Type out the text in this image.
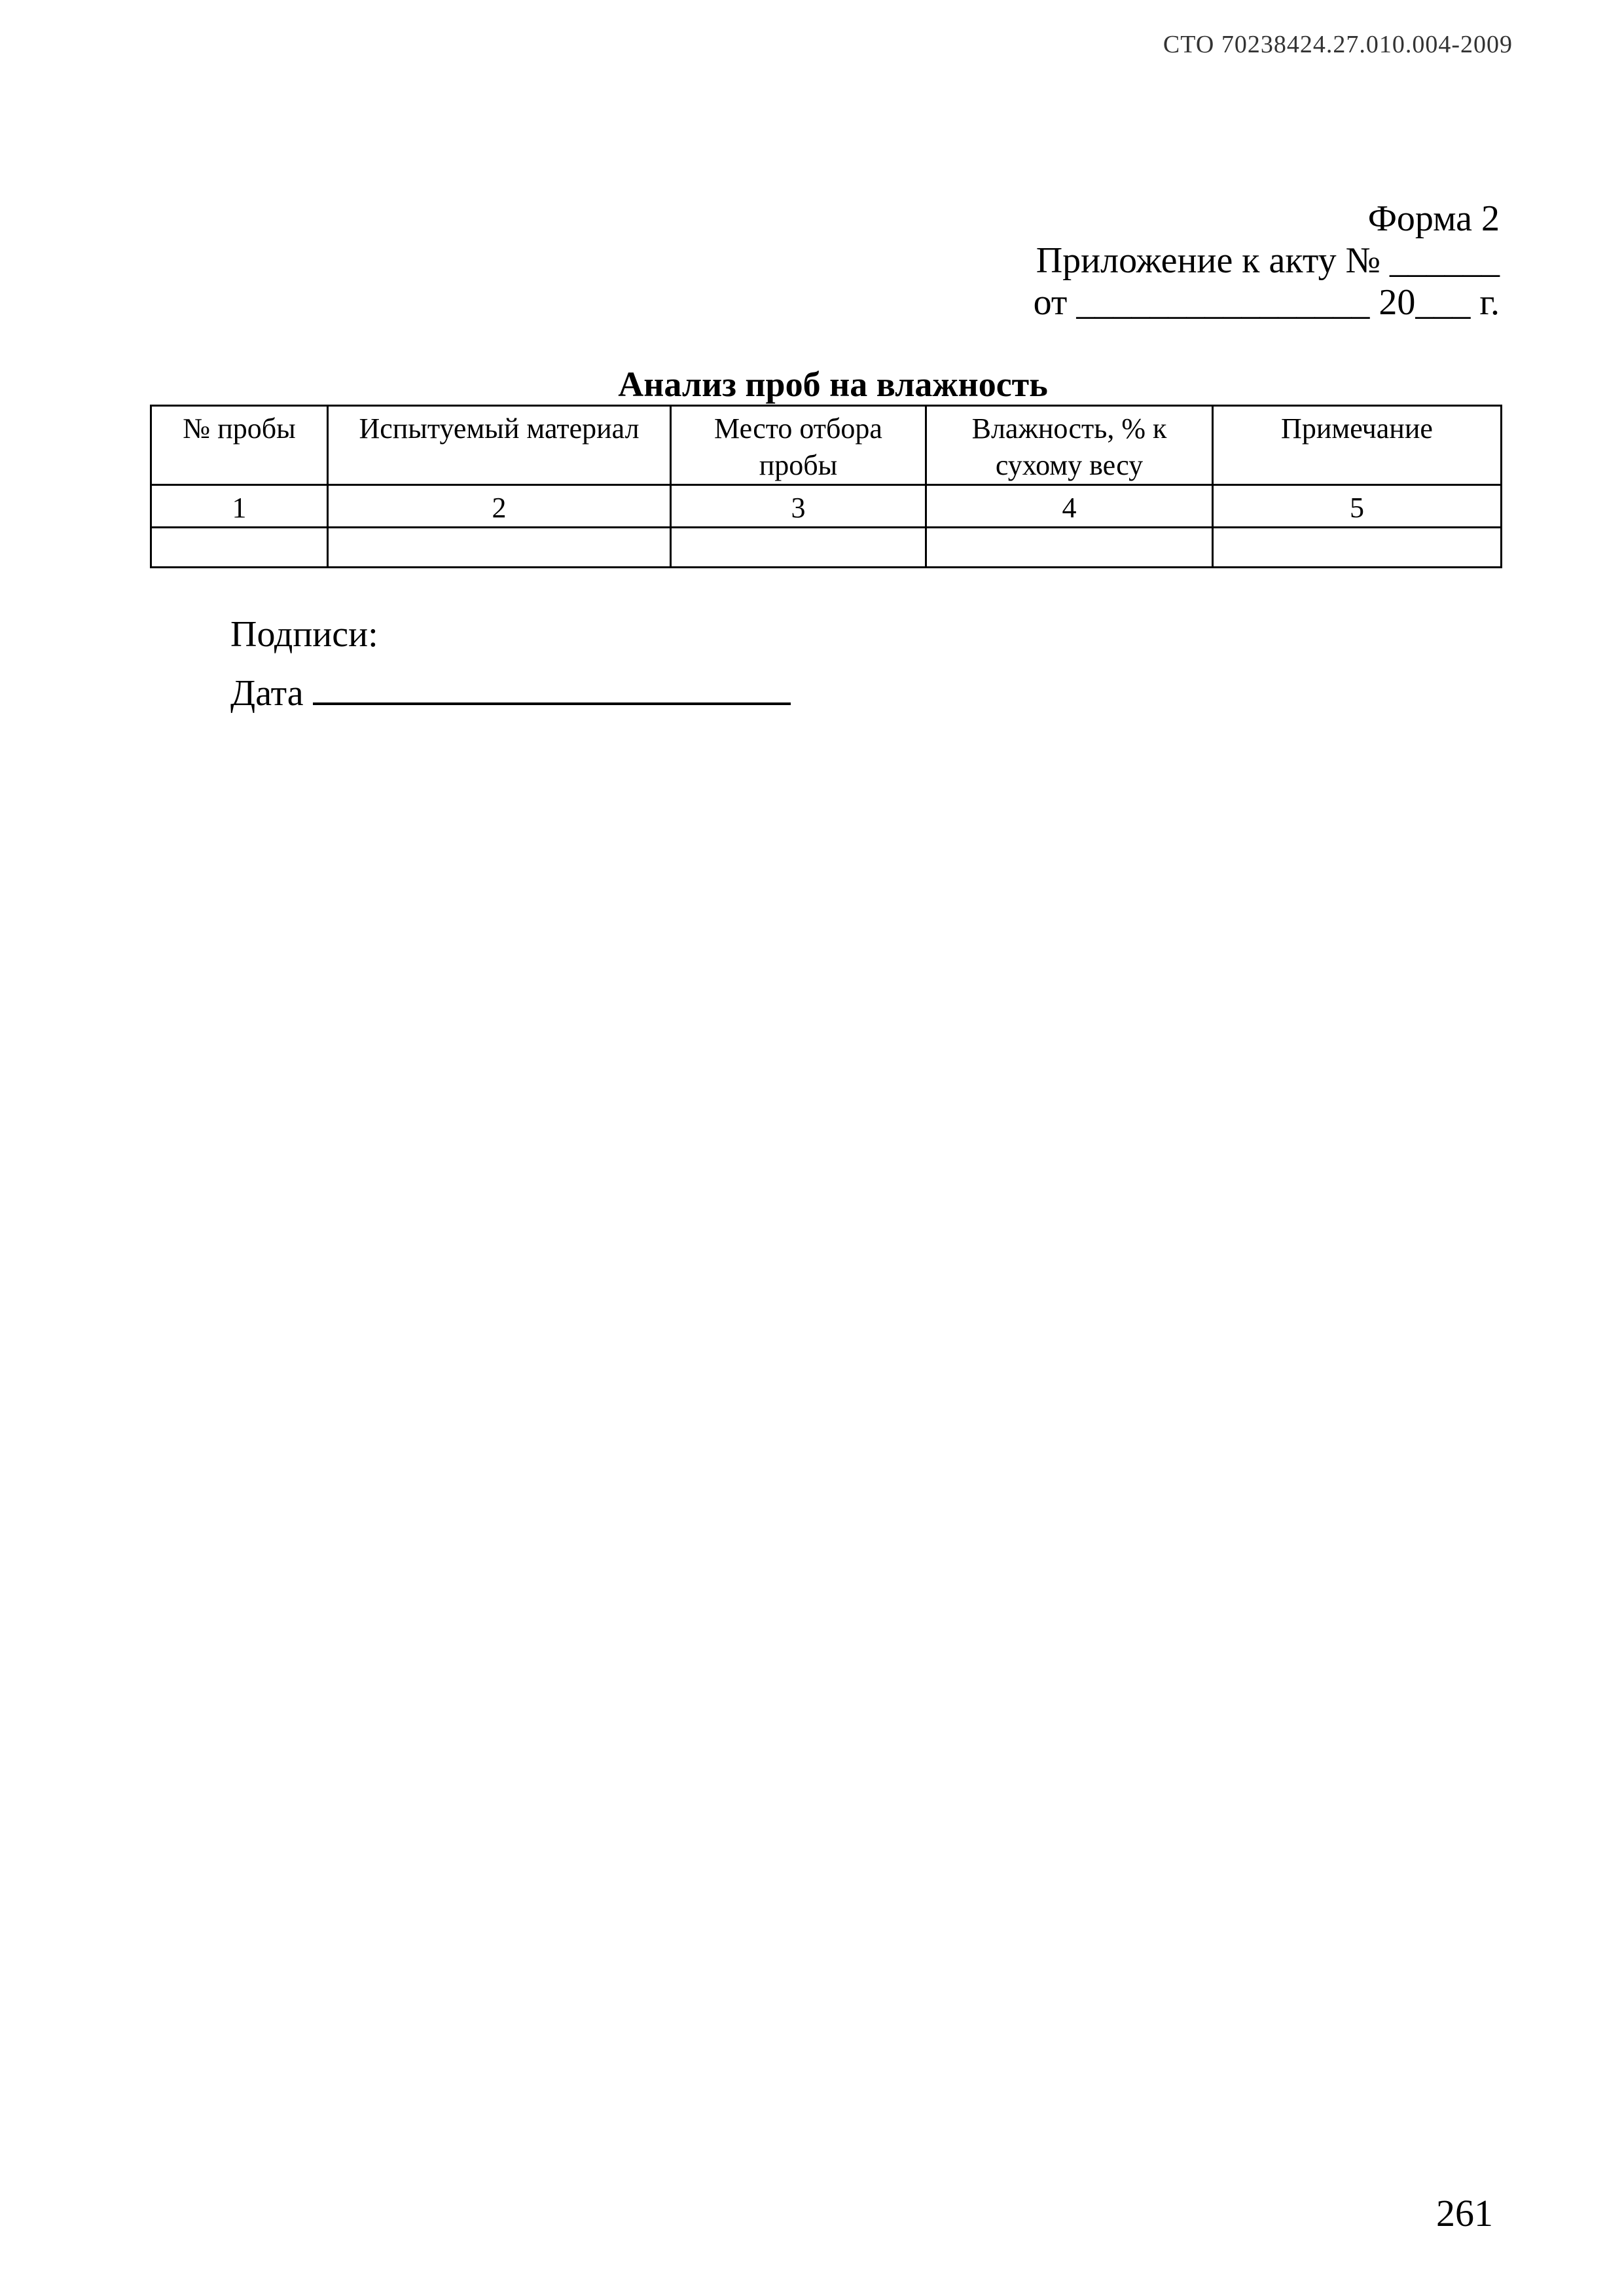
СТО 70238424.27.010.004-2009
Форма 2
Приложение к акту № ______
от ________________ 20___ г.
Анализ проб на влажность
№ пробы	Испытуемый материал	Место отбора пробы	Влажность, % к сухому весу	Примечание
1	2	3	4	5

Подписи:
Дата
261
